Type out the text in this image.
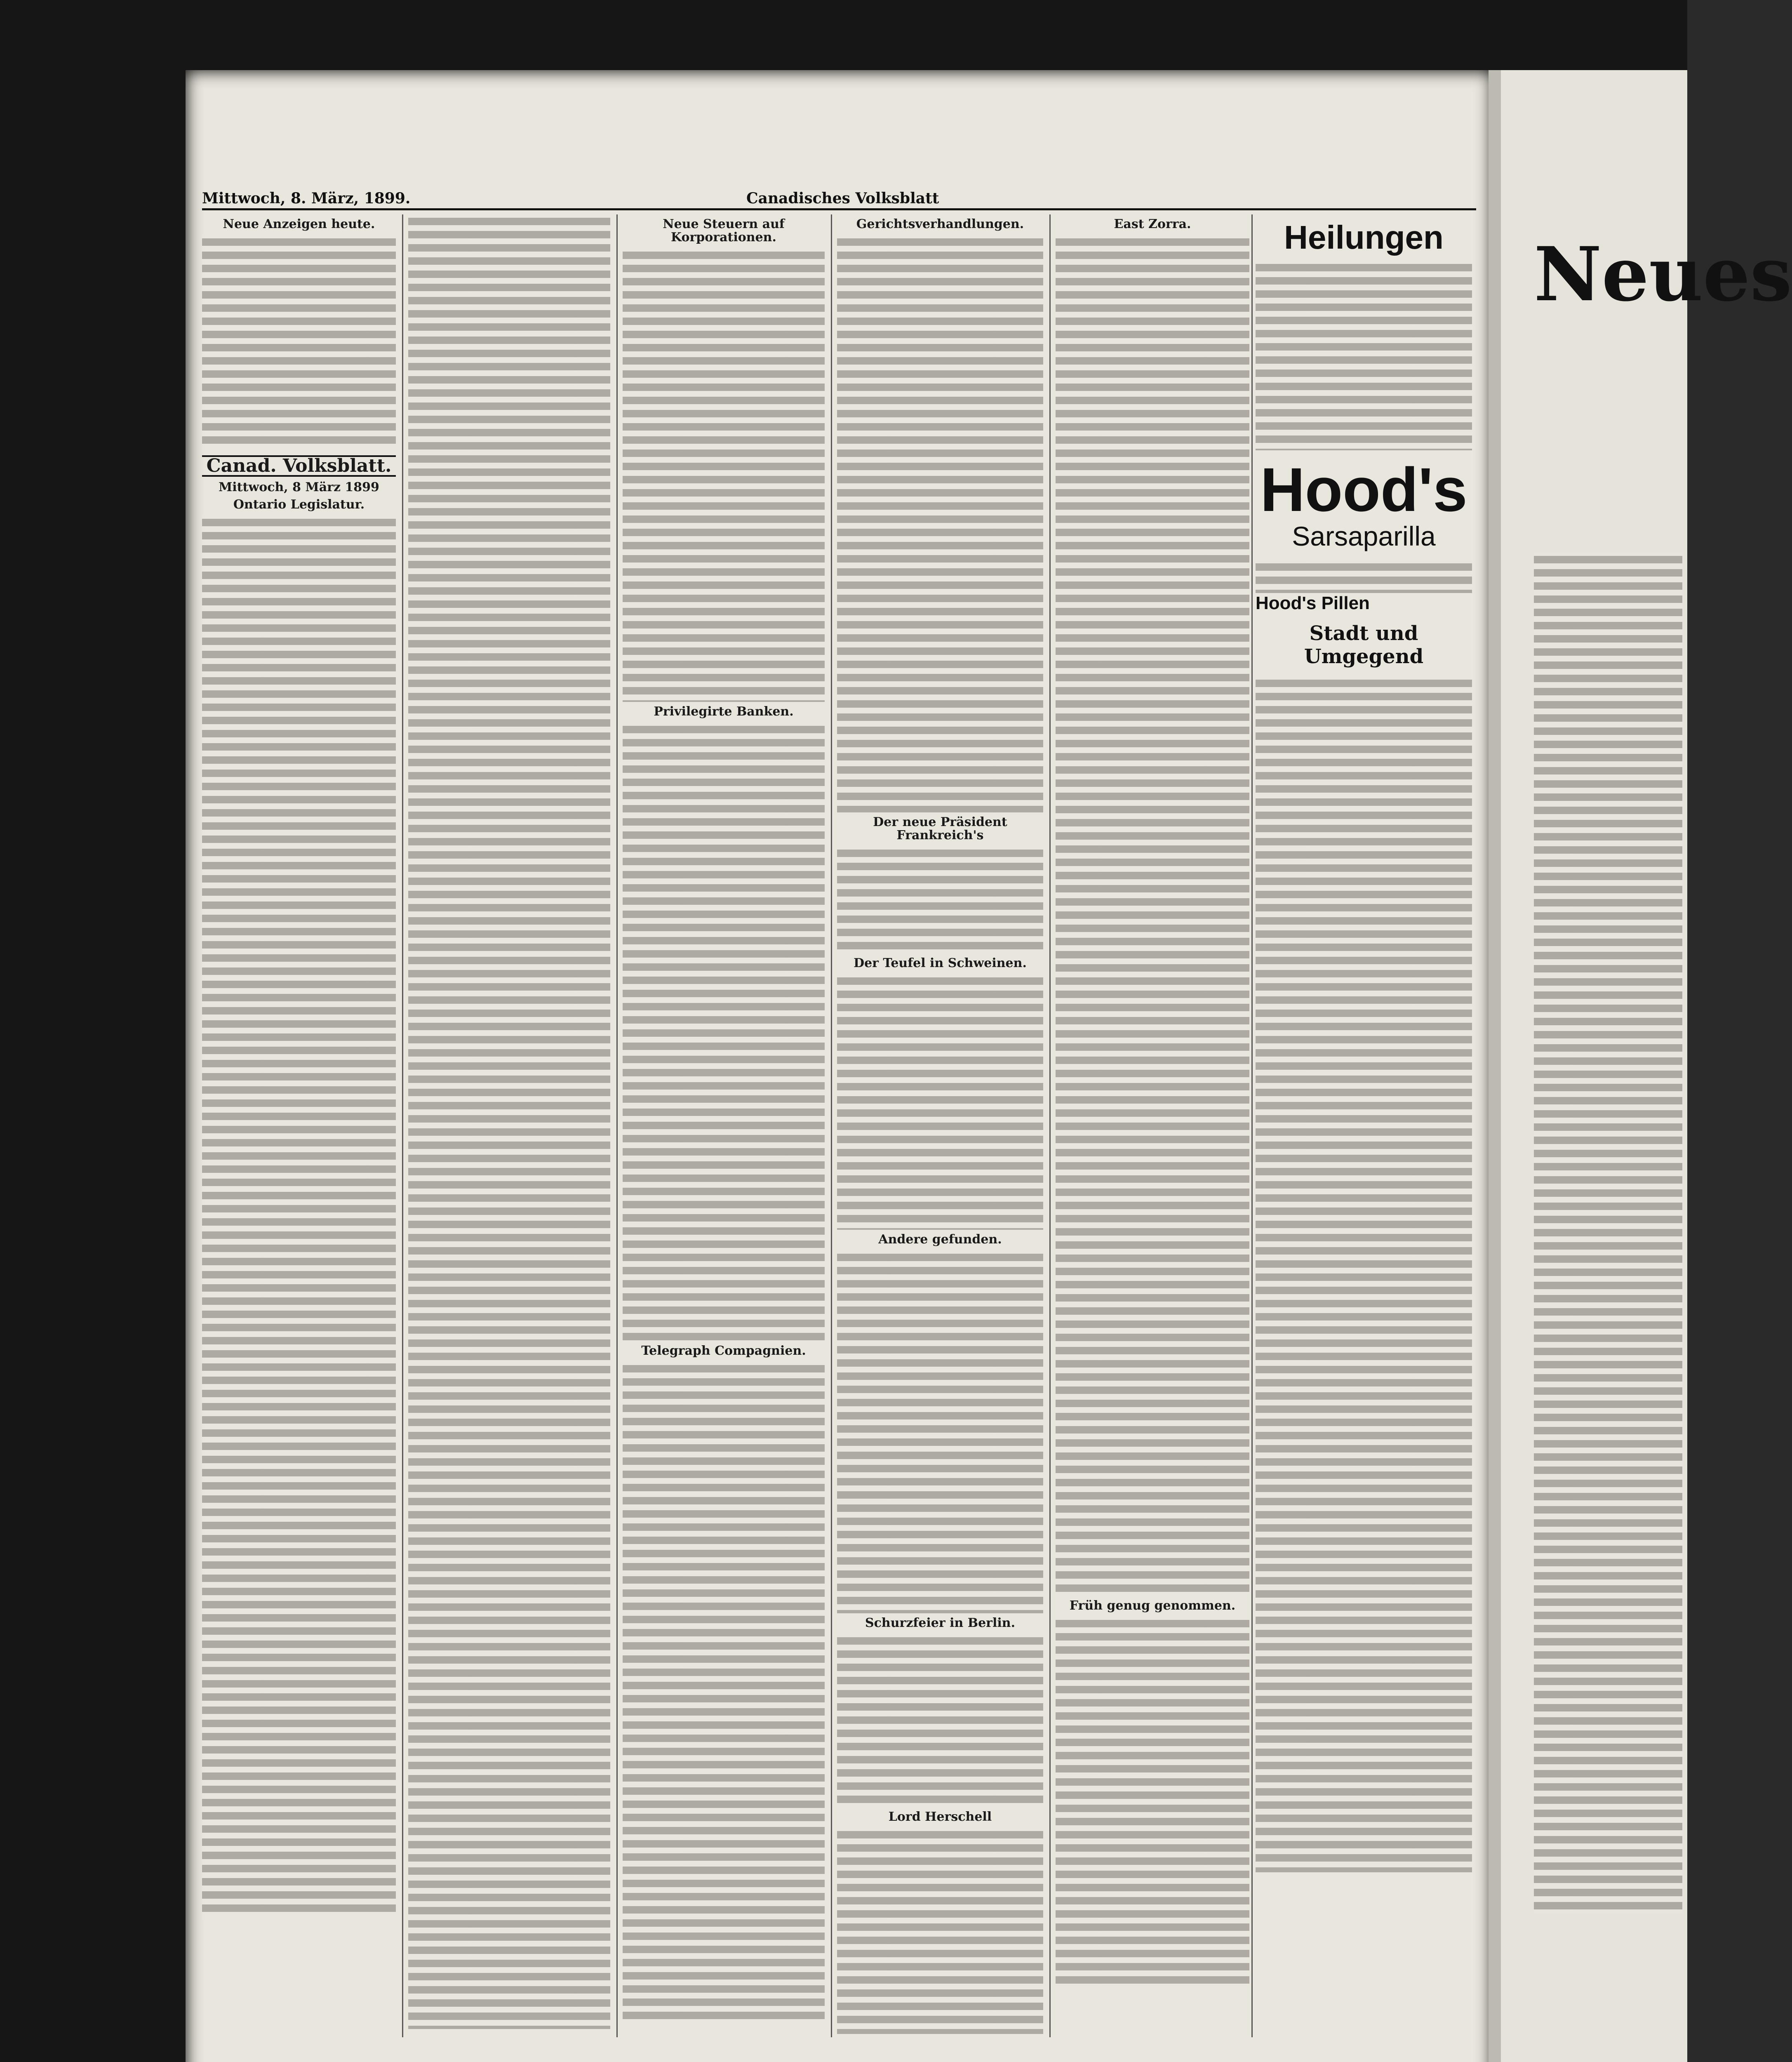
Mittwoch, 8. März, 1899.	Canadisches Volksblatt
Neue Anzeigen heute.
Canad. Volksblatt.
Mittwoch, 8 März 1899
Ontario Legislatur.
Neue Steuern auf Korporationen.
Privilegirte Banken.
Telegraph Compagnien.
Gerichtsverhandlungen.
Der neue Präsident Frankreich's
Der Teufel in Schweinen.
Andere gefunden.
Schurzfeier in Berlin.
Lord Herschell
East Zorra.
Früh genug genommen.
Heilungen
Hood's
Sarsaparilla
Hood's Pillen
Stadt und Umgegend
Neues
